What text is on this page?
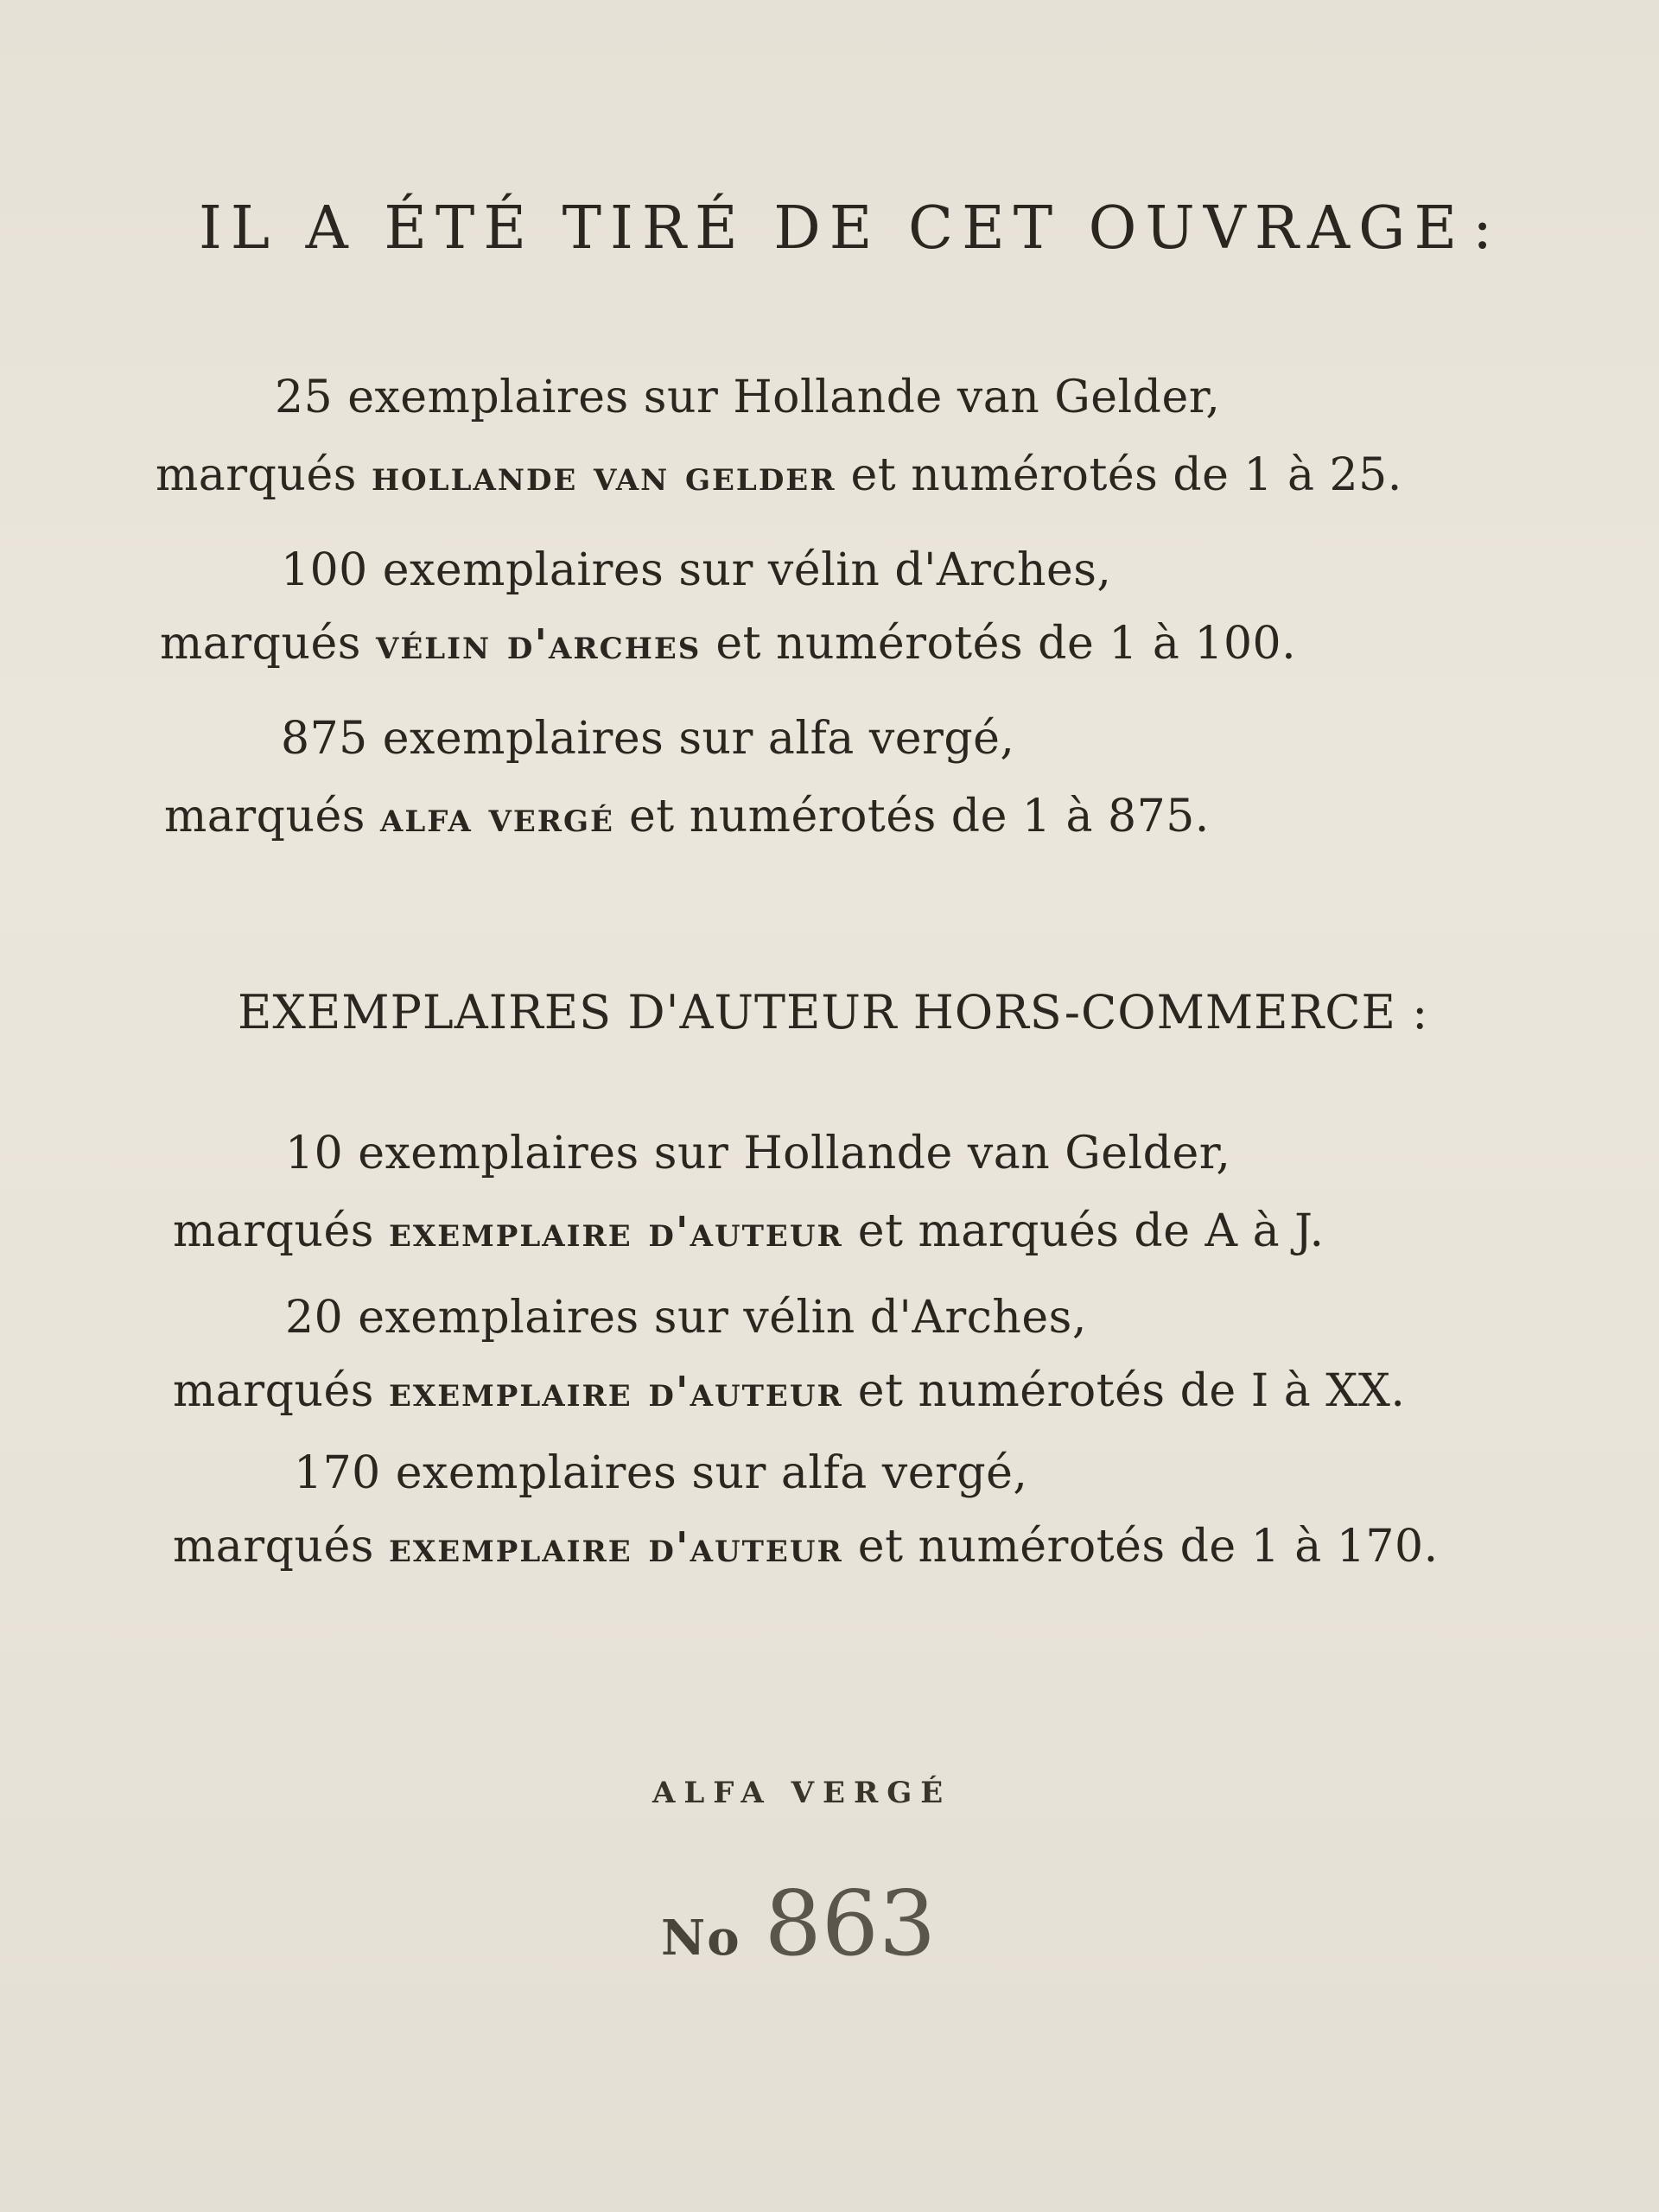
IL A ÉTÉ TIRÉ DE CET OUVRAGE :
25 exemplaires sur Hollande van Gelder,
marqués hollande van gelder et numérotés de 1 à 25.
100 exemplaires sur vélin d'Arches,
marqués vélin d'arches et numérotés de 1 à 100.
875 exemplaires sur alfa vergé,
marqués alfa vergé et numérotés de 1 à 875.
EXEMPLAIRES D'AUTEUR HORS-COMMERCE :
10 exemplaires sur Hollande van Gelder,
marqués exemplaire d'auteur et marqués de A à J.
20 exemplaires sur vélin d'Arches,
marqués exemplaire d'auteur et numérotés de I à XX.
170 exemplaires sur alfa vergé,
marqués exemplaire d'auteur et numérotés de 1 à 170.
ALFA VERGÉ
No 863
